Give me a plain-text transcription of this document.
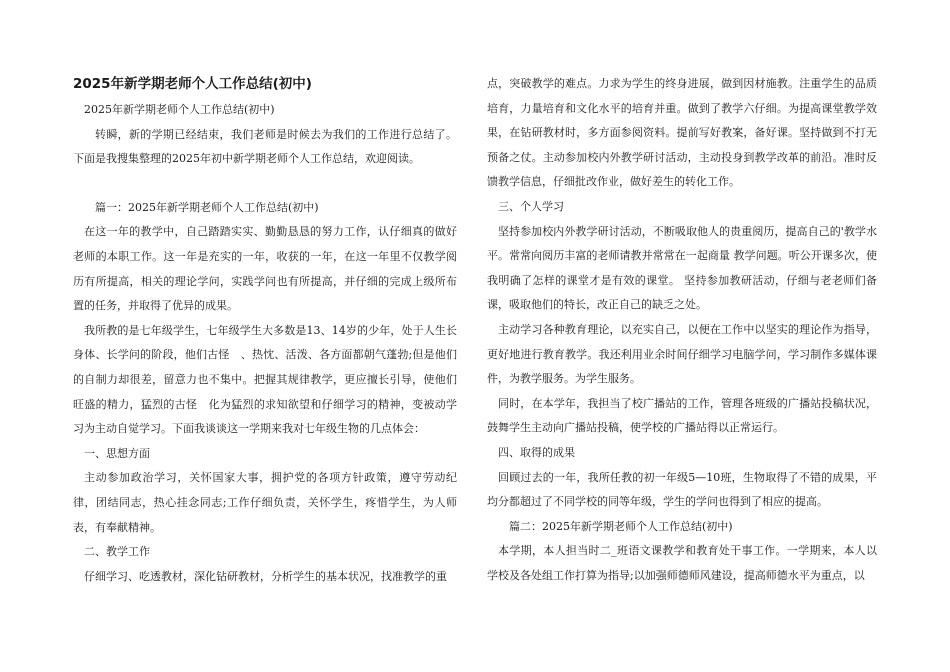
2025年新学期老师个人工作总结(初中)

2025年新学期老师个人工作总结(初中)

转瞬，新的学期已经结束，我们老师是时候去为我们的工作进行总结了。下面是我搜集整理的2025年初中新学期老师个人工作总结，欢迎阅读。

篇一：2025年新学期老师个人工作总结(初中)

在这一年的教学中，自己踏踏实实、勤勤恳恳的努力工作，认仔细真的做好老师的本职工作。这一年是充实的一年，收获的一年，在这一年里不仅教学阅历有所提高，相关的理论学问，实践学问也有所提高，并仔细的完成上级所布置的任务，并取得了优异的成果。

我所教的是七年级学生，七年级学生大多数是13、14岁的少年，处于人生长身体、长学问的阶段，他们古怪　、热忱、活泼、各方面都朝气蓬勃;但是他们的自制力却很差，留意力也不集中。把握其规律教学，更应擅长引导，使他们旺盛的精力，猛烈的古怪　化为猛烈的求知欲望和仔细学习的精神，变被动学习为主动自觉学习。下面我谈谈这一学期来我对七年级生物的几点体会：

一、思想方面

主动参加政治学习，关怀国家大事，拥护党的各项方针政策，遵守劳动纪律，团结同志，热心挂念同志;工作仔细负责，关怀学生，疼惜学生，为人师表，有奉献精神。

二、教学工作

仔细学习、吃透教材，深化钻研教材，分析学生的基本状况，找准教学的重

点，突破教学的难点。力求为学生的终身进展，做到因材施教。注重学生的品质培育，力量培育和文化水平的培育并重。做到了教学六仔细。为提高课堂教学效果，在钻研教材时，多方面参阅资料。提前写好教案，备好课。坚持做到不打无预备之仗。主动参加校内外教学研讨活动，主动投身到教学改革的前沿。准时反馈教学信息，仔细批改作业，做好差生的转化工作。

三、个人学习

坚持参加校内外教学研讨活动，不断吸取他人的贵重阅历，提高自己的'教学水平。常常向阅历丰富的老师请教并常常在一起商量 教学问题。听公开课多次，使我明确了怎样的课堂才是有效的课堂。 坚持参加教研活动，仔细与老老师们备课，吸取他们的特长，改正自己的缺乏之处。

主动学习各种教育理论，以充实自己，以便在工作中以坚实的理论作为指导，更好地进行教育教学。我还利用业余时间仔细学习电脑学问，学习制作多媒体课件，为教学服务。为学生服务。

同时，在本学年，我担当了校广播站的工作，管理各班级的广播站投稿状况，鼓舞学生主动向广播站投稿，使学校的广播站得以正常运行。

四、取得的成果

回顾过去的一年，我所任教的初一年级5—10班，生物取得了不错的成果，平均分都超过了不同学校的同等年级，学生的学问也得到了相应的提高。

篇二：2025年新学期老师个人工作总结(初中)

本学期，本人担当时二_班语文课教学和教育处干事工作。一学期来，本人以学校及各处组工作打算为指导;以加强师德师风建设，提高师德水平为重点，以
